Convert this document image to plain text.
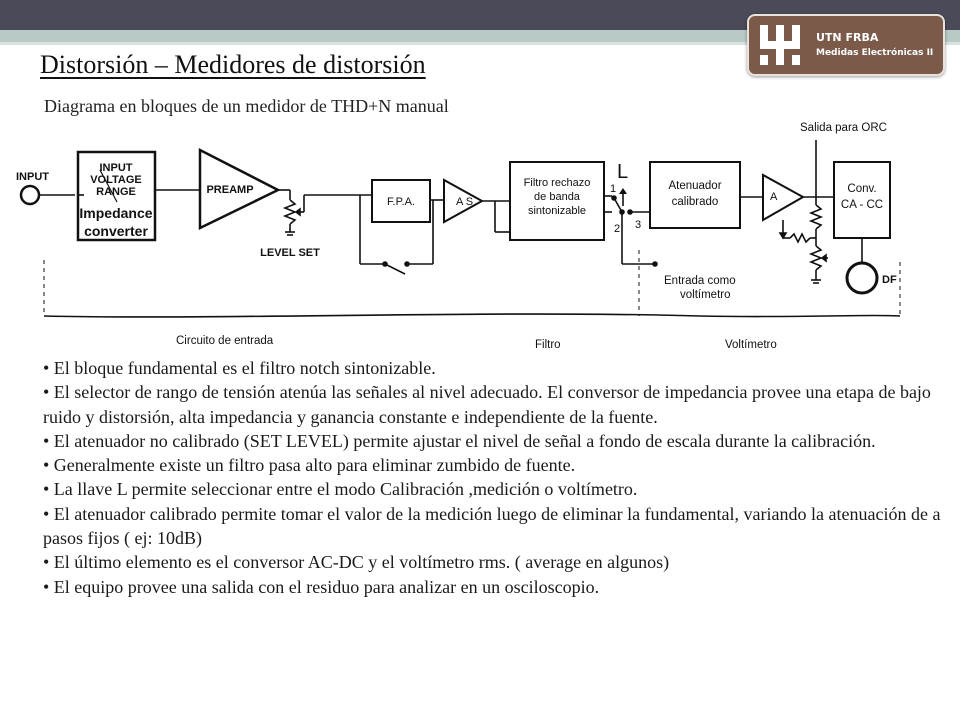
UTN FRBA
Medidas Electrónicas II
Distorsión – Medidores de distorsión
Diagrama en bloques de un medidor de THD+N manual
INPUT
INPUT
VOLTAGE
RANGE
Impedance
converter
PREAMP
LEVEL SET
F.P.A.	A S
Filtro rechazo
de banda
sintonizable
L
1
2 3
Entrada como
voltímetro
Atenuador
calibrado	A
Salida para ORC
Conv.
CA - CC
DF
Circuito de entrada	Filtro	Voltímetro
• El bloque fundamental es el filtro notch sintonizable.
• El selector de rango de tensión atenúa las señales al nivel adecuado. El conversor de impedancia provee una etapa de bajo ruido y distorsión, alta impedancia y ganancia constante e independiente de la fuente.
• El atenuador no calibrado (SET LEVEL) permite ajustar el nivel de señal a fondo de escala durante la calibración.
• Generalmente existe un filtro pasa alto para eliminar zumbido de fuente.
• La llave L permite seleccionar entre el modo Calibración ,medición o voltímetro.
• El atenuador calibrado permite tomar el valor de la medición luego de eliminar la fundamental, variando la atenuación de a pasos fijos ( ej: 10dB)
• El último elemento es el conversor AC-DC y el voltímetro rms. ( average en algunos)
• El equipo provee una salida con el residuo para analizar en un osciloscopio.
